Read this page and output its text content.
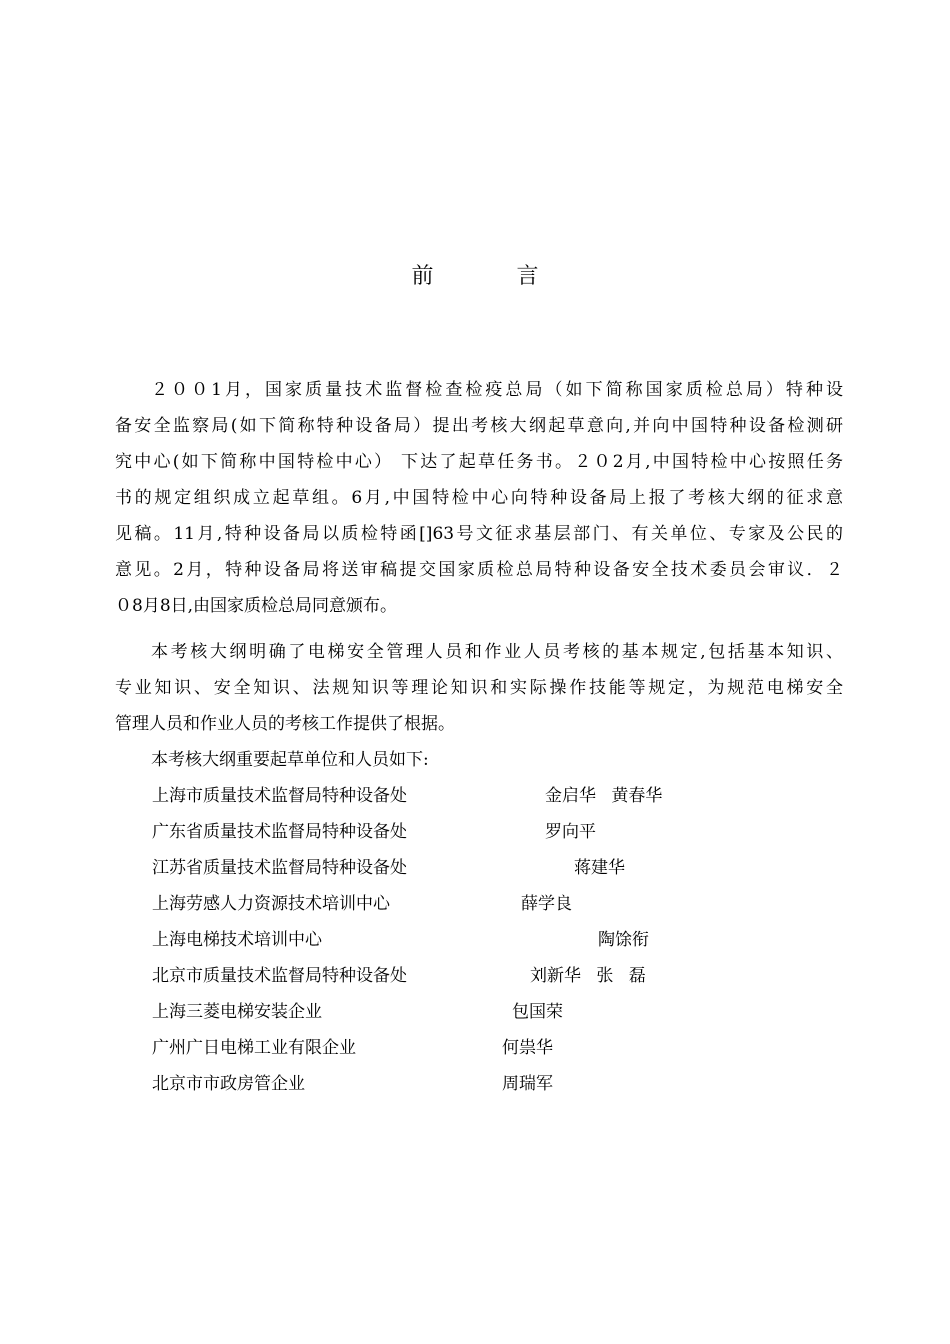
前 言
２００1月，国家质量技术监督检查检疫总局（如下简称国家质检总局）特种设
备安全监察局(如下简称特种设备局）提出考核大纲起草意向,并向中国特种设备检测研
究中心(如下简称中国特检中心） 下达了起草任务书。２０2月,中国特检中心按照任务
书的规定组织成立起草组。6月,中国特检中心向特种设备局上报了考核大纲的征求意
见稿。11月,特种设备局以质检特函[]63号文征求基层部门、有关单位、专家及公民的
意见。2月，特种设备局将送审稿提交国家质检总局特种设备安全技术委员会审议．２
０8月8日,由国家质检总局同意颁布。
本考核大纲明确了电梯安全管理人员和作业人员考核的基本规定,包括基本知识、
专业知识、安全知识、法规知识等理论知识和实际操作技能等规定，为规范电梯安全
管理人员和作业人员的考核工作提供了根据。
本考核大纲重要起草单位和人员如下:
上海市质量技术监督局特种设备处	金启华 黄春华
广东省质量技术监督局特种设备处	罗向平
江苏省质量技术监督局特种设备处	蒋建华
上海劳感人力资源技术培训中心	薛学良
上海电梯技术培训中心	陶馀衔
北京市质量技术监督局特种设备处	刘新华 张 磊
上海三菱电梯安装企业	包国荣
广州广日电梯工业有限企业	何祟华
北京市市政房管企业	周瑞军
